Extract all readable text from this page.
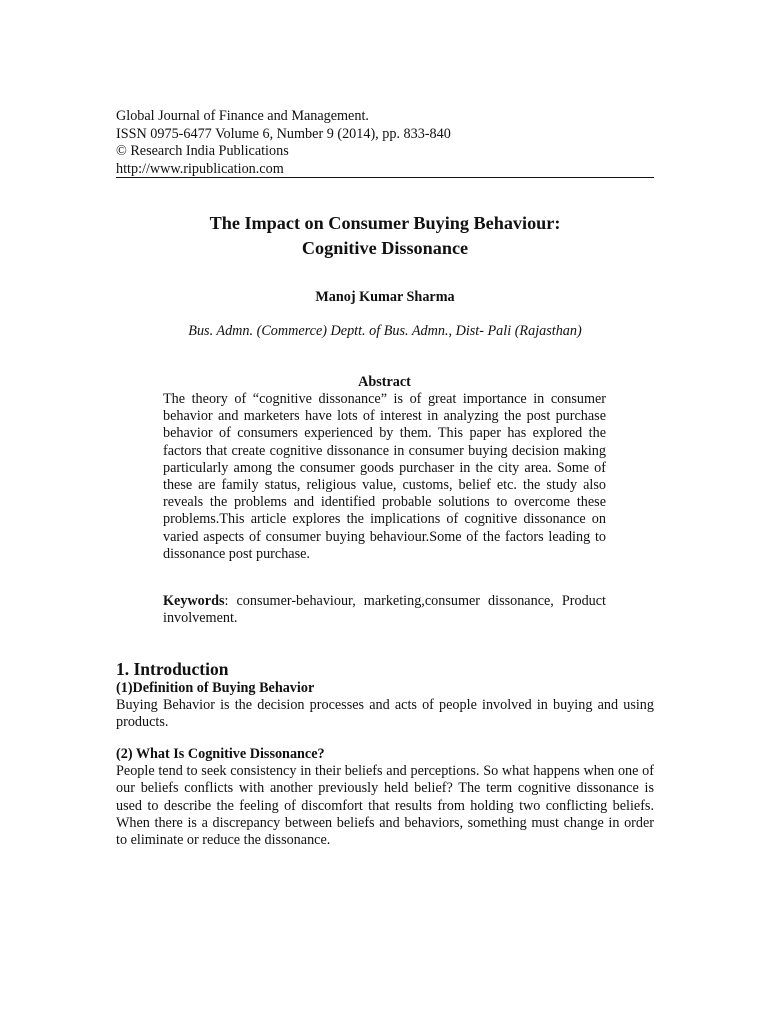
Global Journal of Finance and Management.
ISSN 0975-6477 Volume 6, Number 9 (2014), pp. 833-840
© Research India Publications
http://www.ripublication.com
The Impact on Consumer Buying Behaviour:
Cognitive Dissonance
Manoj Kumar Sharma
Bus. Admn. (Commerce) Deptt. of Bus. Admn., Dist- Pali (Rajasthan)
Abstract
The theory of “cognitive dissonance” is of great importance in consumer behavior and marketers have lots of interest in analyzing the post purchase behavior of consumers experienced by them. This paper has explored the factors that create cognitive dissonance in consumer buying decision making particularly among the consumer goods purchaser in the city area. Some of these are family status, religious value, customs, belief etc. the study also reveals the problems and identified probable solutions to overcome these problems.This article explores the implications of cognitive dissonance on varied aspects of consumer buying behaviour.Some of the factors leading to dissonance post purchase.
Keywords: consumer-behaviour, marketing,consumer dissonance, Product involvement.
1. Introduction
(1)Definition of Buying Behavior
Buying Behavior is the decision processes and acts of people involved in buying and using products.
(2) What Is Cognitive Dissonance?
People tend to seek consistency in their beliefs and perceptions. So what happens when one of our beliefs conflicts with another previously held belief? The term cognitive dissonance is used to describe the feeling of discomfort that results from holding two conflicting beliefs. When there is a discrepancy between beliefs and behaviors, something must change in order to eliminate or reduce the dissonance.
